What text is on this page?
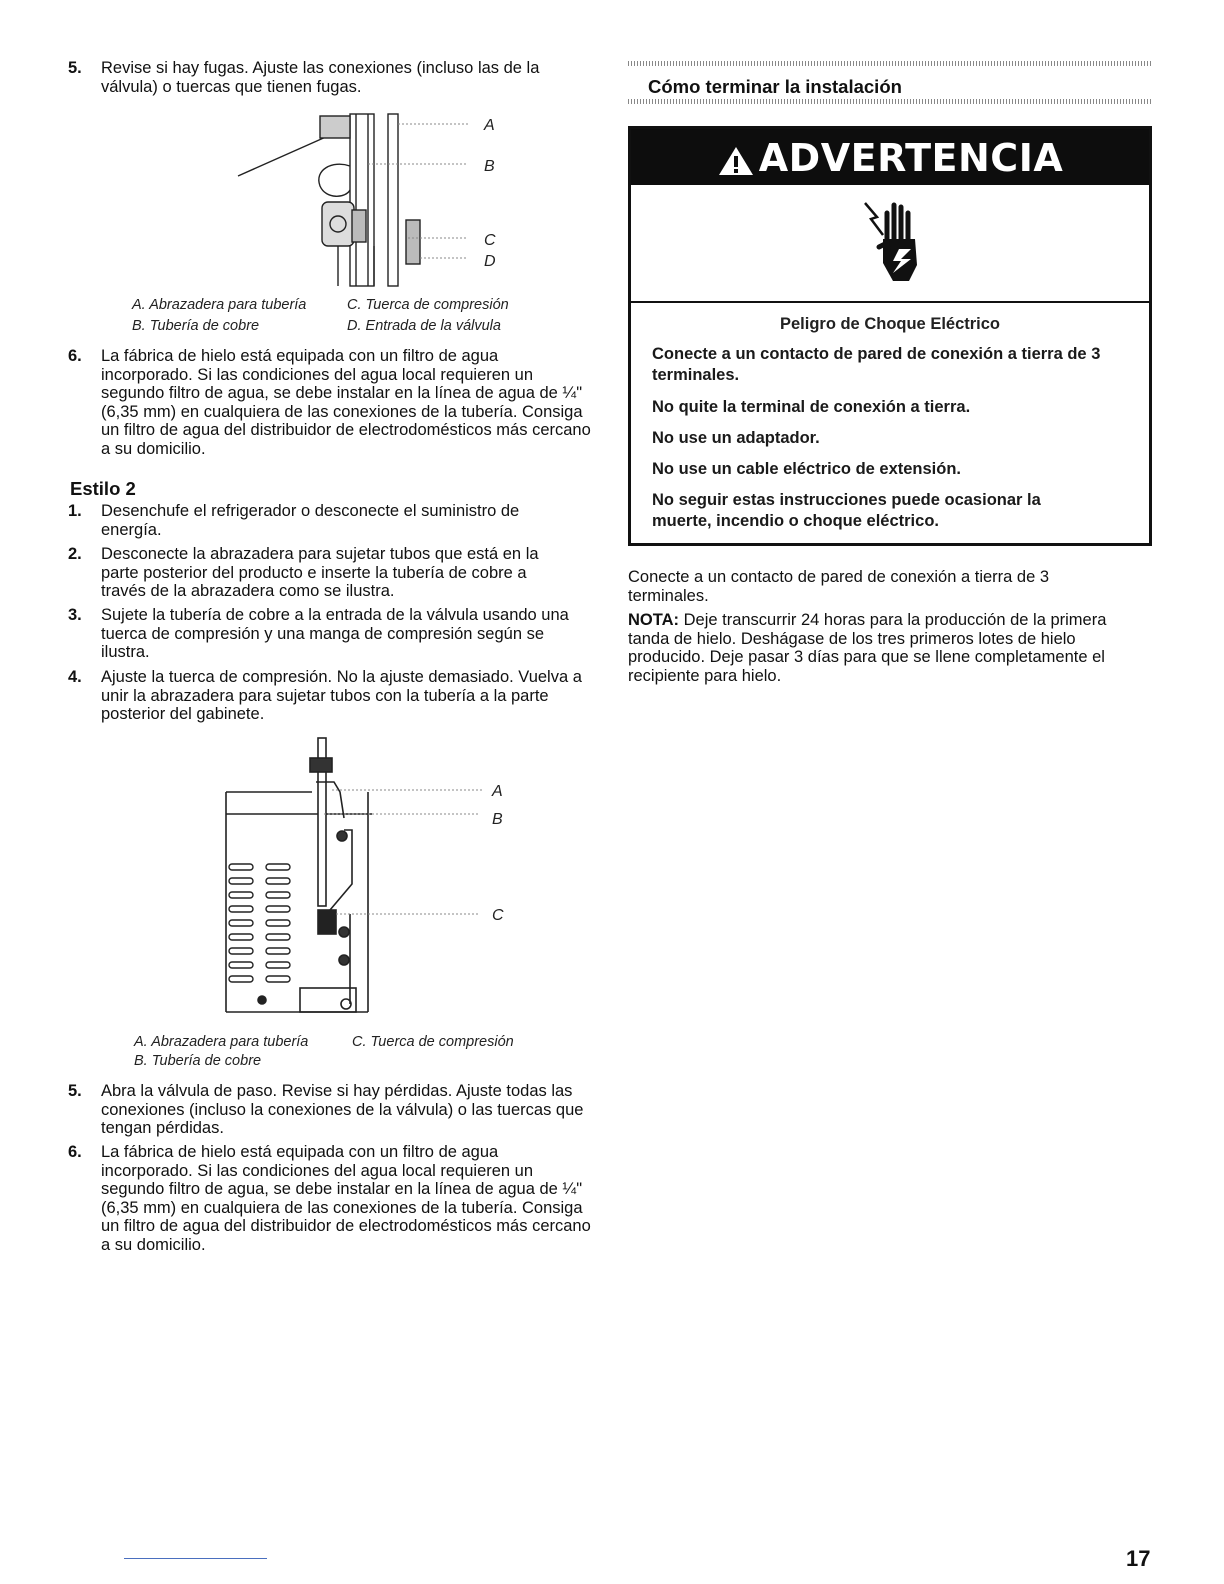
5.	Revise si hay fugas. Ajuste las conexiones (incluso las de la válvula) o tuercas que tienen fugas.
A
B
C
D
A. Abrazadera para tubería	C. Tuerca de compresión
B. Tubería de cobre	D. Entrada de la válvula
6.	La fábrica de hielo está equipada con un filtro de agua incorporado. Si las condiciones del agua local requieren un segundo filtro de agua, se debe instalar en la línea de agua de ¼" (6,35 mm) en cualquiera de las conexiones de la tubería. Consiga un filtro de agua del distribuidor de electrodomésticos más cercano a su domicilio.
Estilo 2
1.	Desenchufe el refrigerador o desconecte el suministro de energía.
2.	Desconecte la abrazadera para sujetar tubos que está en la parte posterior del producto e inserte la tubería de cobre a través de la abrazadera como se ilustra.
3.	Sujete la tubería de cobre a la entrada de la válvula usando una tuerca de compresión y una manga de compresión según se ilustra.
4.	Ajuste la tuerca de compresión. No la ajuste demasiado. Vuelva a unir la abrazadera para sujetar tubos con la tubería a la parte posterior del gabinete.
A
B
C
A. Abrazadera para tubería	C. Tuerca de compresión
B. Tubería de cobre
5.	Abra la válvula de paso. Revise si hay pérdidas. Ajuste todas las conexiones (incluso la conexiones de la válvula) o las tuercas que tengan pérdidas.
6.	La fábrica de hielo está equipada con un filtro de agua incorporado. Si las condiciones del agua local requieren un segundo filtro de agua, se debe instalar en la línea de agua de ¼" (6,35 mm) en cualquiera de las conexiones de la tubería. Consiga un filtro de agua del distribuidor de electrodomésticos más cercano a su domicilio.
Cómo terminar la instalación
ADVERTENCIA
Peligro de Choque Eléctrico
Conecte a un contacto de pared de conexión a tierra de 3 terminales.
No quite la terminal de conexión a tierra.
No use un adaptador.
No use un cable eléctrico de extensión.
No seguir estas instrucciones puede ocasionar la muerte, incendio o choque eléctrico.
Conecte a un contacto de pared de conexión a tierra de 3 terminales.
NOTA: Deje transcurrir 24 horas para la producción de la primera tanda de hielo. Deshágase de los tres primeros lotes de hielo producido. Deje pasar 3 días para que se llene completamente el recipiente para hielo.
17
